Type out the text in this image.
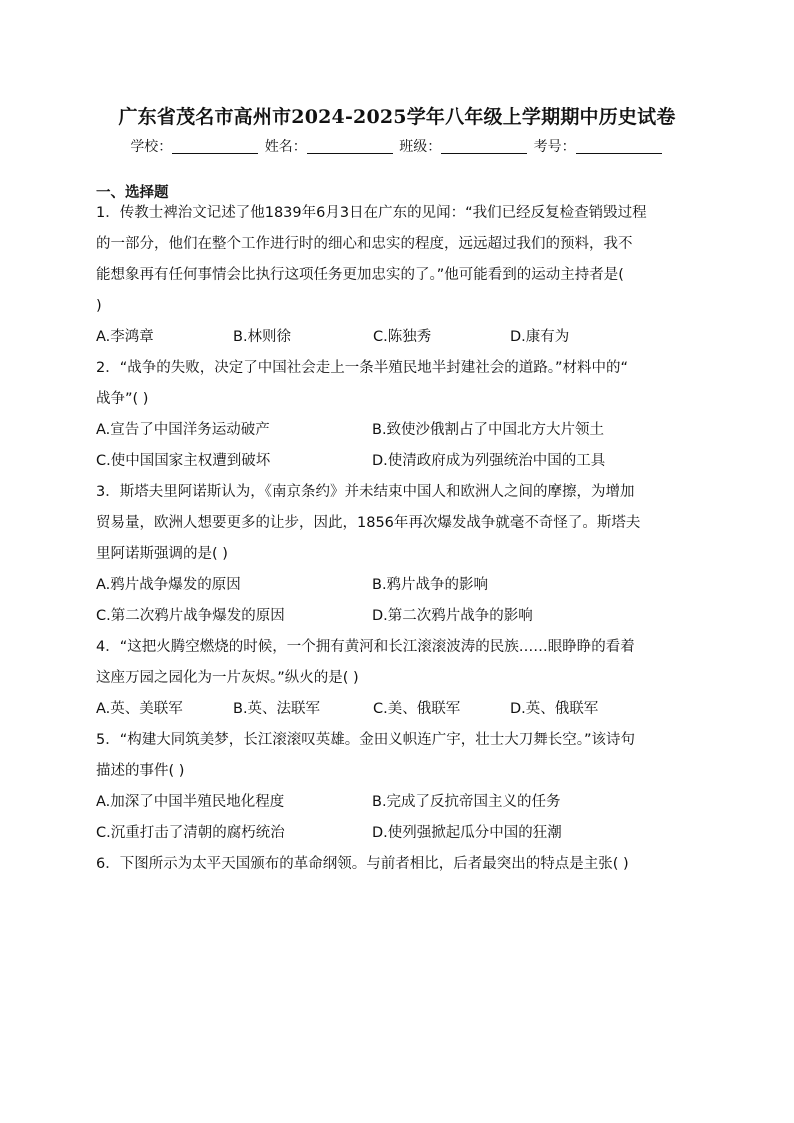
广东省茂名市高州市2024-2025学年八年级上学期期中历史试卷
学校：	姓名：	班级：	考号：
一、选择题
1．传教士裨治文记述了他1839年6月3日在广东的见闻：“我们已经反复检查销毁过程
的一部分，他们在整个工作进行时的细心和忠实的程度，远远超过我们的预料，我不
能想象再有任何事情会比执行这项任务更加忠实的了。”他可能看到的运动主持者是(
)
A.李鸿章	B.林则徐	C.陈独秀	D.康有为
2．“战争的失败，决定了中国社会走上一条半殖民地半封建社会的道路。”材料中的“
战争”( )
A.宣告了中国洋务运动破产	B.致使沙俄割占了中国北方大片领土
C.使中国国家主权遭到破坏	D.使清政府成为列强统治中国的工具
3．斯塔夫里阿诺斯认为，《南京条约》并未结束中国人和欧洲人之间的摩擦，为增加
贸易量，欧洲人想要更多的让步，因此，1856年再次爆发战争就毫不奇怪了。斯塔夫
里阿诺斯强调的是( )
A.鸦片战争爆发的原因	B.鸦片战争的影响
C.第二次鸦片战争爆发的原因	D.第二次鸦片战争的影响
4．“这把火腾空燃烧的时候，一个拥有黄河和长江滚滚波涛的民族……眼睁睁的看着
这座万园之园化为一片灰烬。”纵火的是( )
A.英、美联军	B.英、法联军	C.美、俄联军	D.英、俄联军
5．“构建大同筑美梦，长江滚滚叹英雄。金田义帜连广宇，壮士大刀舞长空。”该诗句
描述的事件( )
A.加深了中国半殖民地化程度	B.完成了反抗帝国主义的任务
C.沉重打击了清朝的腐朽统治	D.使列强掀起瓜分中国的狂潮
6．下图所示为太平天国颁布的革命纲领。与前者相比，后者最突出的特点是主张( )
